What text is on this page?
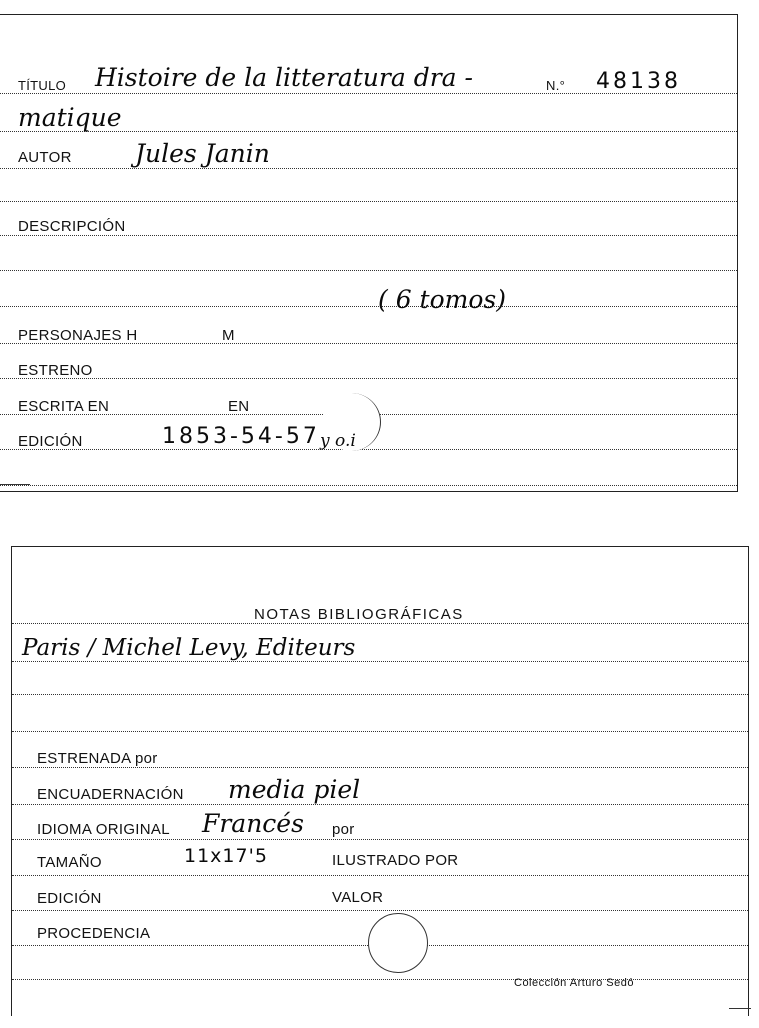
TÍTULO Histoire de la litteratura dra -	N.° 48138
matique
AUTOR	Jules Janin
DESCRIPCIÓN
( 6 tomos)
PERSONAJES H	M
ESTRENO
ESCRITA EN	EN
EDICIÓN	1853-54-57 y o.i
NOTAS BIBLIOGRÁFICAS
Paris / Michel Levy, Editeurs
ESTRENADA por
ENCUADERNACIÓN media piel
IDIOMA ORIGINAL Francés por
TAMAÑO	11x17'5	ILUSTRADO POR
EDICIÓN	VALOR
PROCEDENCIA
Colección Arturo Sedó
